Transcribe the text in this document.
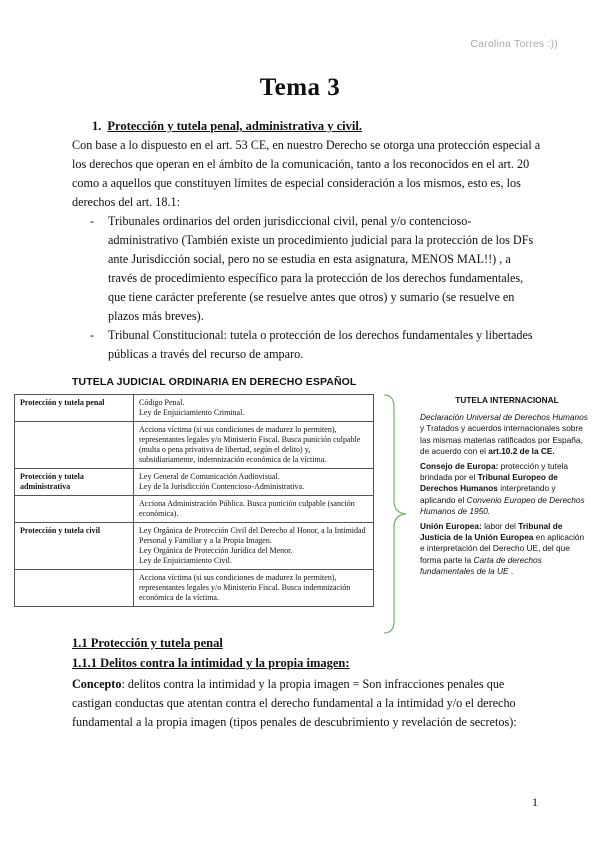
Carolina Torres :))
Tema 3
1. Protección y tutela penal, administrativa y civil.
Con base a lo dispuesto en el art. 53 CE, en nuestro Derecho se otorga una protección especial a los derechos que operan en el ámbito de la comunicación, tanto a los reconocidos en el art. 20 como a aquellos que constituyen límites de especial consideración a los mismos, esto es, los derechos del art. 18.1:
- Tribunales ordinarios del orden jurisdiccional civil, penal y/o contencioso-administrativo (También existe un procedimiento judicial para la protección de los DFs ante Jurisdicción social, pero no se estudia en esta asignatura, MENOS MAL!!) , a través de procedimiento específico para la protección de los derechos fundamentales, que tiene carácter preferente (se resuelve antes que otros) y sumario (se resuelve en plazos más breves).
- Tribunal Constitucional: tutela o protección de los derechos fundamentales y libertades públicas a través del recurso de amparo.
TUTELA JUDICIAL ORDINARIA EN DERECHO ESPAÑOL
Protección y tutela penal	Código Penal.
Ley de Enjuiciamiento Criminal.
	Acciona víctima (si sus condiciones de madurez lo permiten), representantes legales y/o Ministerio Fiscal. Busca punición culpable (multa o pena privativa de libertad, según el delito) y, subsidiariamente, indemnización económica de la víctima.
Protección y tutela administrativa	Ley General de Comunicación Audiovisual.
Ley de la Jurisdicción Contencioso-Administrativa.
	Acciona Administración Pública. Busca punición culpable (sanción económica).
Protección y tutela civil	Ley Orgánica de Protección Civil del Derecho al Honor, a la Intimidad Personal y Familiar y a la Propia Imagen.
Ley Orgánica de Protección Jurídica del Menor.
Ley de Enjuiciamiento Civil.
	Acciona víctima (si sus condiciones de madurez lo permiten), representantes legales y/o Ministerio Fiscal. Busca indemnización económica de la víctima.
TUTELA INTERNACIONAL

Declaración Universal de Derechos Humanos y Tratados y acuerdos internacionales sobre las mismas materias ratificados por España, de acuerdo con el art.10.2 de la CE.

Consejo de Europa: protección y tutela brindada por el Tribunal Europeo de Derechos Humanos interpretando y aplicando el Convenio Europeo de Derechos Humanos de 1950.

Unión Europea: labor del Tribunal de Justicia de la Unión Europea en aplicación e interpretación del Derecho UE, del que forma parte la Carta de derechos fundamentales de la UE .

1.1 Protección y tutela penal
1.1.1 Delitos contra la intimidad y la propia imagen:
Concepto: delitos contra la intimidad y la propia imagen = Son infracciones penales que castigan conductas que atentan contra el derecho fundamental a la intimidad y/o el derecho fundamental a la propia imagen (tipos penales de descubrimiento y revelación de secretos):
1
